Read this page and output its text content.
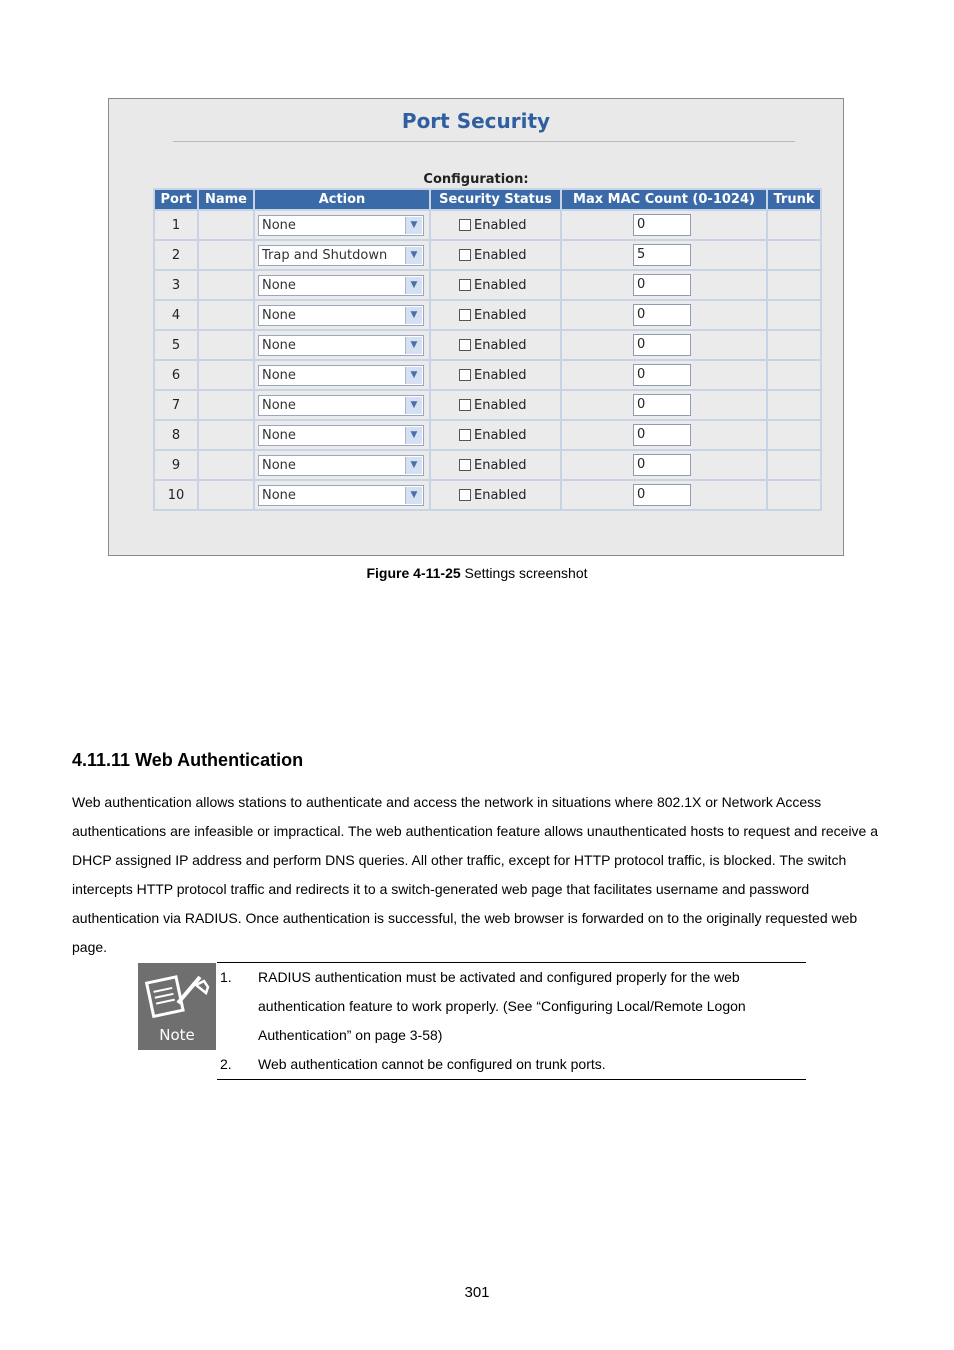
Port Security
Configuration:
Port	Name	Action	Security Status	Max MAC Count (0-1024)	Trunk
1		None ▼	Enabled	0	

2		Trap and Shutdown ▼	Enabled	5	

3		None ▼	Enabled	0	

4		None ▼	Enabled	0	

5		None ▼	Enabled	0	

6		None ▼	Enabled	0	

7		None ▼	Enabled	0	

8		None ▼	Enabled	0	

9		None ▼	Enabled	0	

10		None ▼	Enabled	0	

Figure 4-11-25 Settings screenshot
4.11.11 Web Authentication
Web authentication allows stations to authenticate and access the network in situations where 802.1X or Network Access authentications are infeasible or impractical. The web authentication feature allows unauthenticated hosts to request and receive a DHCP assigned IP address and perform DNS queries. All other traffic, except for HTTP protocol traffic, is blocked. The switch intercepts HTTP protocol traffic and redirects it to a switch-generated web page that facilitates username and password authentication via RADIUS. Once authentication is successful, the web browser is forwarded on to the originally requested web page.
Note
1. RADIUS authentication must be activated and configured properly for the web authentication feature to work properly. (See “Configuring Local/Remote Logon Authentication” on page 3-58)
2. Web authentication cannot be configured on trunk ports.
301
